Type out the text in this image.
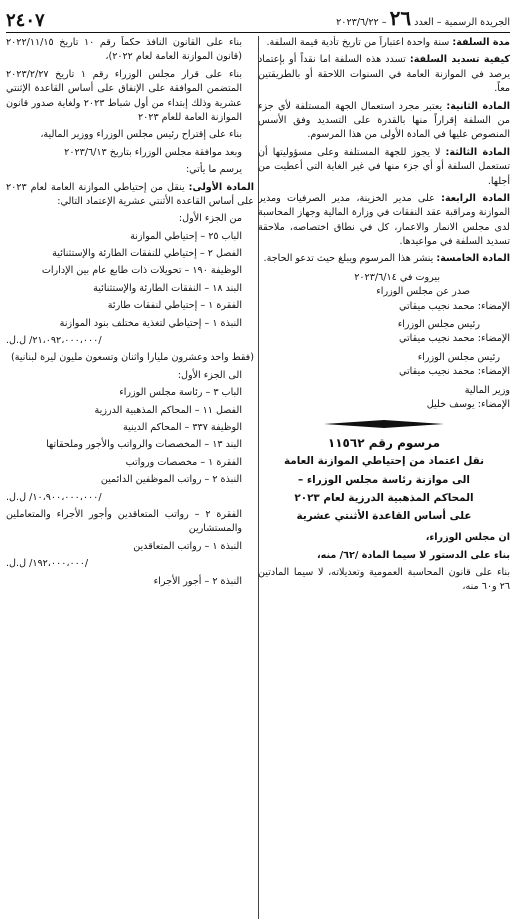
الجريدة الرسمية – العدد ٢٦ – ٢٠٢٣/٦/٢٢
٢٤٠٧

مدة السلفة: سنة واحدة اعتباراً من تاريخ تأدية قيمة السلفة.

كيفية تسديد السلفة: تسدد هذه السلفة اما نقداً أو بإعتماد يرصد في الموازنة العامة في السنوات اللاحقة أو بالطريقتين معاً.

المادة الثانية: يعتبر مجرد استعمال الجهة المستلفة لأي جزء من السلفة إقراراً منها بالقدرة على التسديد وفق الأسس المنصوص عليها في المادة الأولى من هذا المرسوم.

المادة الثالثة: لا يجوز للجهة المستلفة وعلى مسؤوليتها أن تستعمل السلفة أو أي جزء منها في غير الغاية التي أعطيت من أجلها.

المادة الرابعة: على مدير الخزينة، مدير الصرفيات ومدير الموازنة ومراقبة عقد النفقات في وزارة المالية وجهاز المحاسبة لدى مجلس الانمار والاعمار، كل في نطاق اختصاصه، ملاحقة تسديد السلفة في مواعيدها.

المادة الخامسة: ينشر هذا المرسوم ويبلغ حيث تدعو الحاجة.

بيروت في ٢٠٢٣/٦/١٤
صدر عن مجلس الوزراء
الإمضاء: محمد نجيب ميقاتي
رئيس مجلس الوزراء
الإمضاء: محمد نجيب ميقاتي
رئيس مجلس الوزراء
الإمضاء: محمد نجيب ميقاتي
وزير المالية
الإمضاء: يوسف خليل
مرسوم رقم ١١٥٦٢
نقل اعتماد من إحتياطي الموازنة العامة
الى موازنة رئاسة مجلس الوزراء –
المحاكم المذهبية الدرزية لعام ٢٠٢٣
على أساس القاعدة الأثنتي عشرية

ان مجلس الوزراء،

بناء على الدستور لا سيما المادة /٦٢/ منه،

بناء على قانون المحاسبة العمومية وتعديلاته، لا سيما المادتين ٢٦ و٦٠ منه،

بناء على القانون النافذ حكماً رقم ١٠ تاريخ ٢٠٢٢/١١/١٥ (قانون الموازنة العامة لعام ٢٠٢٢)،

بناء على قرار مجلس الوزراء رقم ١ تاريخ ٢٠٢٣/٢/٢٧ المتضمن الموافقة على الإنفاق على أساس القاعدة الإثنتي عشرية وذلك إبتداء من أول شباط ٢٠٢٣ ولغاية صدور قانون الموازنة العامة للعام ٢٠٢٣

بناء على إقتراح رئيس مجلس الوزراء ووزير المالية،

وبعد موافقة مجلس الوزراء بتاريخ ٢٠٢٣/٦/١٣

يرسم ما يأتي:

المادة الأولى: ينقل من إحتياطي الموازنة العامة لعام ٢٠٢٣ على أساس القاعدة الأثنتي عشرية الإعتماد التالي:

من الجزء الأول:

الباب ٢٥ – إحتياطي الموازنة

الفصل ٢ – إحتياطي للنفقات الطارئة والإستثنائية

الوظيفة ١٩٠ – تحويلات ذات طابع عام بين الإدارات

البند ١٨ – النفقات الطارئة والإستثنائية

الفقرة ١ – إحتياطي لنفقات طارئة

النبذة ١ – إحتياطي لتغذية مختلف بنود الموازنة

/٢١،٠٩٢،٠٠٠،٠٠٠/ ل.ل.

(فقط واحد وعشرون مليارا واثنان وتسعون مليون ليرة لبنانية)

الى الجزء الأول:

الباب ٣ – رئاسة مجلس الوزراء

الفصل ١١ – المحاكم المذهبية الدرزية

الوظيفة ٣٣٧ – المحاكم الدينية

البند ١٣ – المخصصات والرواتب والأجور وملحقاتها

الفقرة ١ – مخصصات ورواتب

النبذة ٢ – رواتب الموظفين الدائمين

/١٠،٩٠٠،٠٠٠،٠٠٠/ ل.ل.

الفقرة ٢ – رواتب المتعاقدين وأجور الأجراء والمتعاملين والمستشارين

النبذة ١ – رواتب المتعاقدين

/١٩٢،٠٠٠،٠٠٠/ ل.ل.

النبذة ٢ – أجور الأجراء
